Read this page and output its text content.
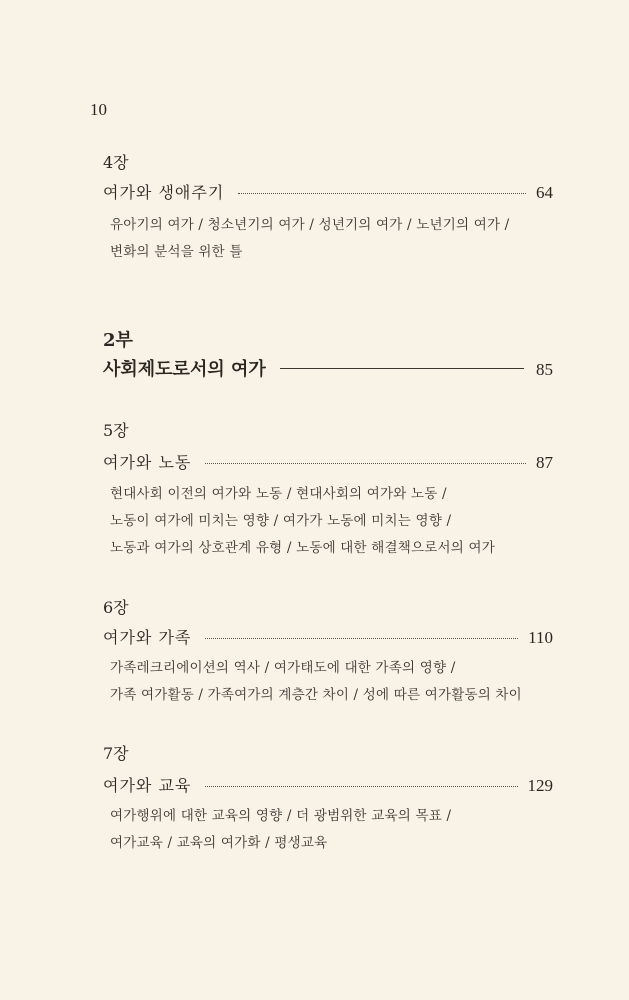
10
4장
여가와 생애주기	64
유아기의 여가 / 청소년기의 여가 / 성년기의 여가 / 노년기의 여가 /
변화의 분석을 위한 틀
2부
사회제도로서의 여가	85
5장
여가와 노동	87
현대사회 이전의 여가와 노동 / 현대사회의 여가와 노동 /
노동이 여가에 미치는 영향 / 여가가 노동에 미치는 영향 /
노동과 여가의 상호관계 유형 / 노동에 대한 해결책으로서의 여가
6장
여가와 가족	110
가족레크리에이션의 역사 / 여가태도에 대한 가족의 영향 /
가족 여가활동 / 가족여가의 계층간 차이 / 성에 따른 여가활동의 차이
7장
여가와 교육	129
여가행위에 대한 교육의 영향 / 더 광범위한 교육의 목표 /
여가교육 / 교육의 여가화 / 평생교육
